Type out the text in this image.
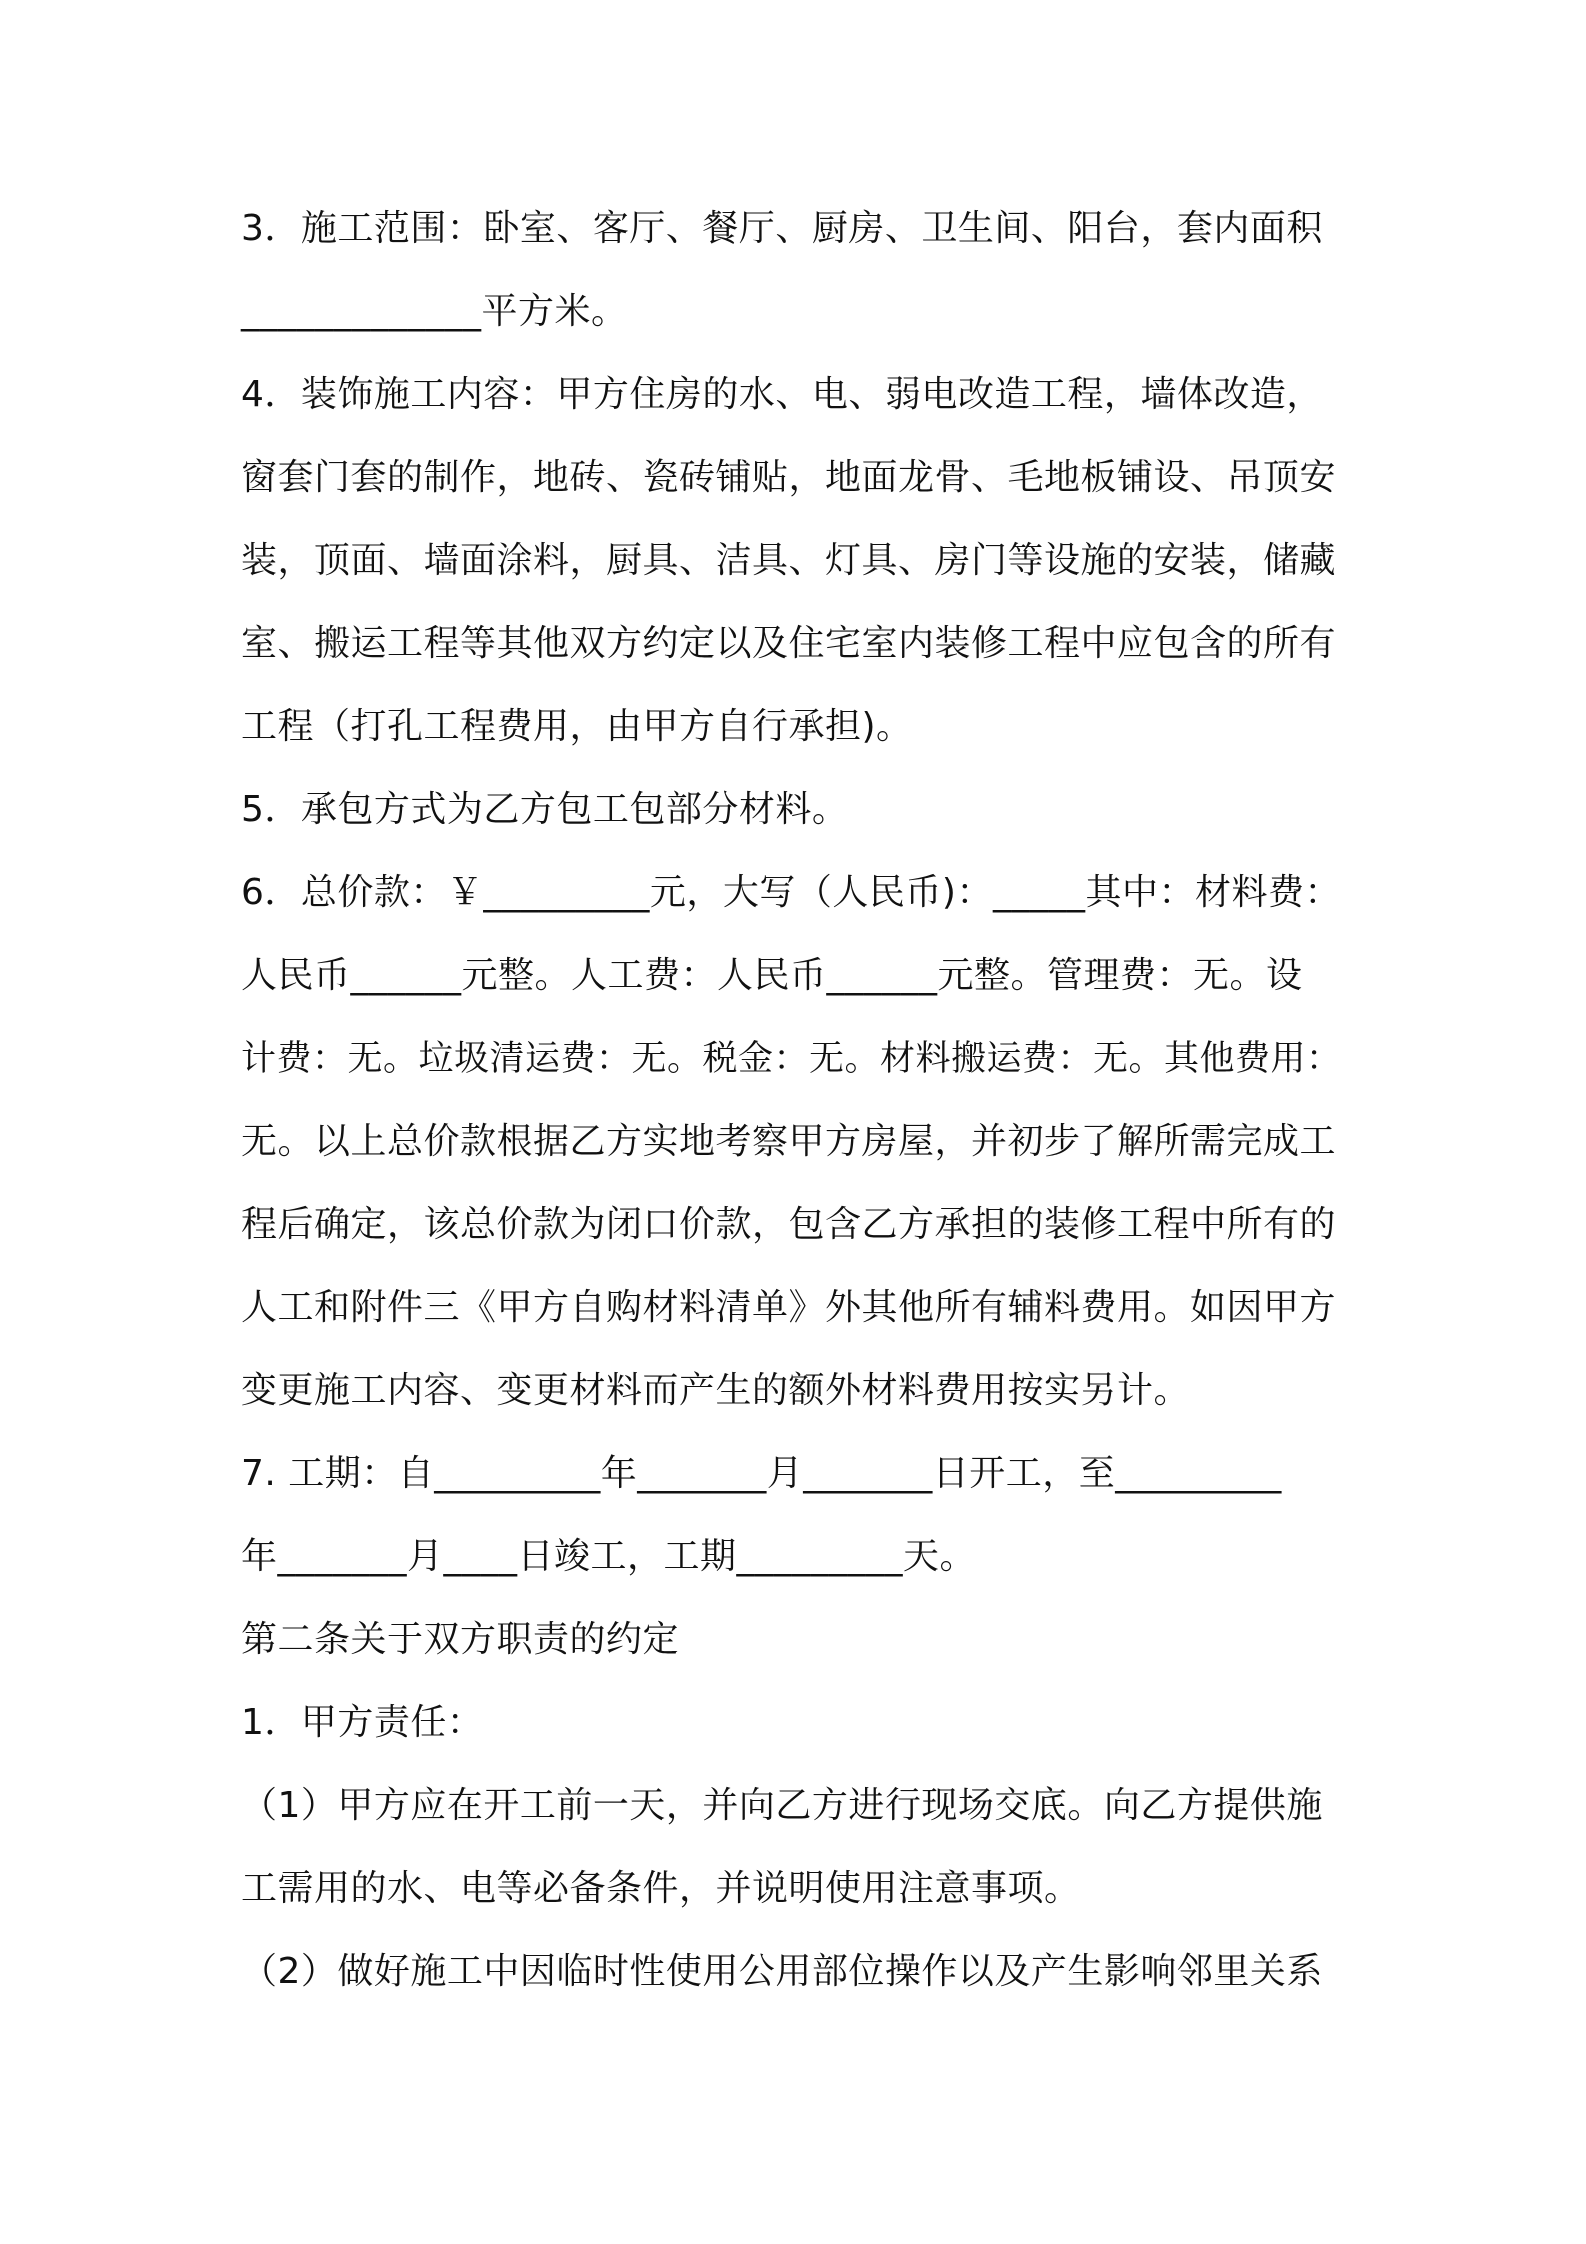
3．施工范围：卧室、客厅、餐厅、厨房、卫生间、阳台，套内面积
_____________平方米。
4．装饰施工内容：甲方住房的水、电、弱电改造工程，墙体改造，
窗套门套的制作，地砖、瓷砖铺贴，地面龙骨、毛地板铺设、吊顶安
装，顶面、墙面涂料，厨具、洁具、灯具、房门等设施的安装，储藏
室、搬运工程等其他双方约定以及住宅室内装修工程中应包含的所有
工程（打孔工程费用，由甲方自行承担)。
5．承包方式为乙方包工包部分材料。
6．总价款：￥_________元，大写（人民币)：_____其中：材料费：
人民币______元整。人工费：人民币______元整。管理费：无。设
计费：无。垃圾清运费：无。税金：无。材料搬运费：无。其他费用：
无。以上总价款根据乙方实地考察甲方房屋，并初步了解所需完成工
程后确定，该总价款为闭口价款，包含乙方承担的装修工程中所有的
人工和附件三《甲方自购材料清单》外其他所有辅料费用。如因甲方
变更施工内容、变更材料而产生的额外材料费用按实另计。
7. 工期：自_________年_______月_______日开工，至_________
年_______月____日竣工，工期_________天。
第二条关于双方职责的约定
1．甲方责任：
（1）甲方应在开工前一天，并向乙方进行现场交底。向乙方提供施
工需用的水、电等必备条件，并说明使用注意事项。
（2）做好施工中因临时性使用公用部位操作以及产生影响邻里关系
